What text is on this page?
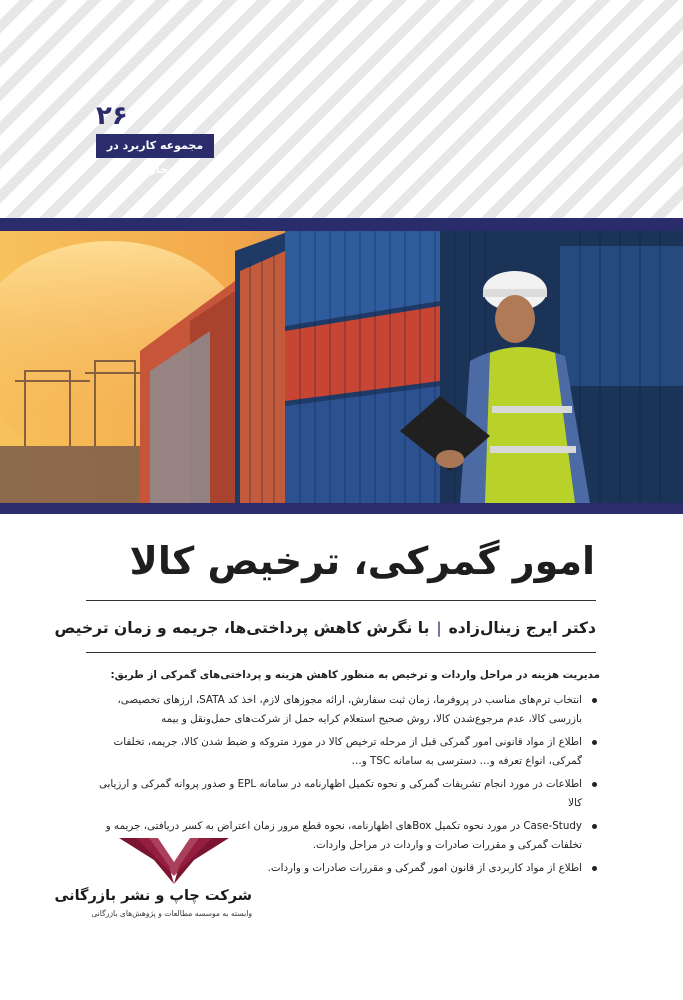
۲۶
مجموعه کاربرد در تجارت
امور گمرکی، ترخیص کالا
دکتر ایرج زینال‌زاده|با نگرش کاهش پرداختی‌ها، جریمه و زمان ترخیص

مدیریت هزینه در مراحل واردات و ترخیص به منظور کاهش هزینه و پرداختی‌های گمرکی از طریق:

انتخاب ترم‌های مناسب در پروفرما، زمان ثبت سفارش، ارائه مجوزهای لازم، اخذ کد SATA، ارزهای تخصیصی، بازرسی کالا، عدم مرجوع‌شدن کالا، روش صحیح استعلام کرایه حمل از شرکت‌های حمل‌ونقل و بیمه
اطلاع از مواد قانونی امور گمرکی قبل از مرحله ترخیص کالا در مورد متروکه و ضبط شدن کالا، جریمه، تخلفات گمرکی، انواع تعرفه و… دسترسی به سامانه TSC و…
اطلاعات در مورد انجام تشریفات گمرکی و نحوه تکمیل اظهارنامه در سامانه EPL و صدور پروانه گمرکی و ارزیابی کالا
Case-Study در مورد نحوه تکمیل Boxهای اظهارنامه، نحوه قطع مرور زمان اعتراض به کسر دریافتی، جریمه و تخلفات گمرکی و مقررات صادرات و واردات در مراحل واردات.
اطلاع از مواد کاربردی از قانون امور گمرکی و مقررات صادرات و واردات.
شرکت چاپ و نشر بازرگانی
وابسته به موسسه مطالعات و پژوهش‌های بازرگانی
